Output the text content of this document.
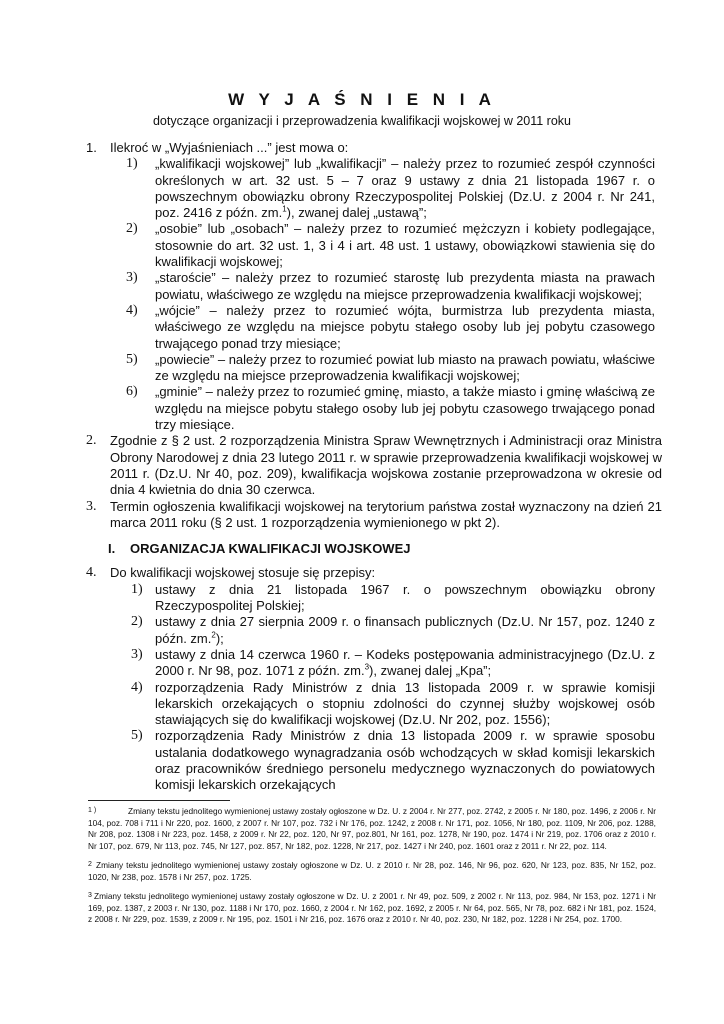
W Y J A Ś N I E N I A
dotyczące organizacji i przeprowadzenia kwalifikacji wojskowej w 2011 roku
1. Ilekroć w „Wyjaśnieniach ...” jest mowa o:

1) „kwalifikacji wojskowej” lub „kwalifikacji” – należy przez to rozumieć zespół czynności określonych w art. 32 ust. 5 – 7 oraz 9 ustawy z dnia 21 listopada 1967 r. o powszechnym obowiązku obrony Rzeczypospolitej Polskiej (Dz.U. z 2004 r. Nr 241, poz. 2416 z późn. zm.$^1$), zwanej dalej „ustawą”;

2) „osobie” lub „osobach” – należy przez to rozumieć mężczyzn i kobiety podlegające, stosownie do art. 32 ust. 1, 3 i 4 i art. 48 ust. 1 ustawy, obowiązkowi stawienia się do kwalifikacji wojskowej;

3) „starościе” – należy przez to rozumieć starostę lub prezydenta miasta na prawach powiatu, właściwego ze względu na miejsce przeprowadzenia kwalifikacji wojskowej;

4) „wójcie” – należy przez to rozumieć wójta, burmistrza lub prezydenta miasta, właściwego ze względu na miejsce pobytu stałego osoby lub jej pobytu czasowego trwającego ponad trzy miesiące;

5) „powiecie” – należy przez to rozumieć powiat lub miasto na prawach powiatu, właściwe ze względu na miejsce przeprowadzenia kwalifikacji wojskowej;

6) „gminie” – należy przez to rozumieć gminę, miasto, a także miasto i gminę właściwą ze względu na miejsce pobytu stałego osoby lub jej pobytu czasowego trwającego ponad trzy miesiące.

2. Zgodnie z § 2 ust. 2 rozporządzenia Ministra Spraw Wewnętrznych i Administracji oraz Ministra Obrony Narodowej z dnia 23 lutego 2011 r. w sprawie przeprowadzenia kwalifikacji wojskowej w 2011 r. (Dz.U. Nr 40, poz. 209), kwalifikacja wojskowa zostanie przeprowadzona w okresie od dnia 4 kwietnia do dnia 30 czerwca.

3. Termin ogłoszenia kwalifikacji wojskowej na terytorium państwa został wyznaczony na dzień 21 marca 2011 roku (§ 2 ust. 1 rozporządzenia wymienionego w pkt 2).

I. ORGANIZACJA KWALIFIKACJI WOJSKOWEJ
4. Do kwalifikacji wojskowej stosuje się przepisy:

1) ustawy z dnia 21 listopada 1967 r. o powszechnym obowiązku obrony Rzeczypospolitej Polskiej;

2) ustawy z dnia 27 sierpnia 2009 r. o finansach publicznych (Dz.U. Nr 157, poz. 1240 z późn. zm.$^2$);

3) ustawy z dnia 14 czerwca 1960 r. – Kodeks postępowania administracyjnego (Dz.U. z 2000 r. Nr 98, poz. 1071 z późn. zm.$^3$), zwanej dalej „Kpa”;

4) rozporządzenia Rady Ministrów z dnia 13 listopada 2009 r. w sprawie komisji lekarskich orzekających o stopniu zdolności do czynnej służby wojskowej osób stawiających się do kwalifikacji wojskowej (Dz.U. Nr 202, poz. 1556);

5) rozporządzenia Rady Ministrów z dnia 13 listopada 2009 r. w sprawie sposobu ustalania dodatkowego wynagradzania osób wchodzących w skład komisji lekarskich oraz pracowników średniego personelu medycznego wyznaczonych do powiatowych komisji lekarskich orzekających

1 )	Zmiany tekstu jednolitego wymienionej ustawy zostały ogłoszone w Dz. U. z 2004 r. Nr 277, poz. 2742, z 2005 r. Nr 180, poz. 1496, z 2006 r. Nr 104, poz. 708 i 711 i Nr 220, poz. 1600, z 2007 r. Nr 107, poz. 732 i Nr 176, poz. 1242, z 2008 r. Nr 171, poz. 1056, Nr 180, poz. 1109, Nr 206, poz. 1288, Nr 208, poz. 1308 i Nr 223, poz. 1458, z 2009 r. Nr 22, poz. 120, Nr 97, poz.801, Nr 161, poz. 1278, Nr 190, poz. 1474 i Nr 219, poz. 1706 oraz z 2010 r. Nr 107, poz. 679, Nr 113, poz. 745, Nr 127, poz. 857, Nr 182, poz. 1228, Nr 217, poz. 1427 i Nr 240, poz. 1601 oraz z 2011 r. Nr 22, poz. 114.

2 Zmiany tekstu jednolitego wymienionej ustawy zostały ogłoszone w Dz. U. z 2010 r. Nr 28, poz. 146, Nr 96, poz. 620, Nr 123, poz. 835, Nr 152, poz. 1020, Nr 238, poz. 1578 i Nr 257, poz. 1725.

3 Zmiany tekstu jednolitego wymienionej ustawy zostały ogłoszone w Dz. U. z 2001 r. Nr 49, poz. 509, z 2002 r. Nr 113, poz. 984, Nr 153, poz. 1271 i Nr 169, poz. 1387, z 2003 r. Nr 130, poz. 1188 i Nr 170, poz. 1660, z 2004 r. Nr 162, poz. 1692, z 2005 r. Nr 64, poz. 565, Nr 78, poz. 682 i Nr 181, poz. 1524, z 2008 r. Nr 229, poz. 1539, z 2009 r. Nr 195, poz. 1501 i Nr 216, poz. 1676 oraz z 2010 r. Nr 40, poz. 230, Nr 182, poz. 1228 i Nr 254, poz. 1700.
